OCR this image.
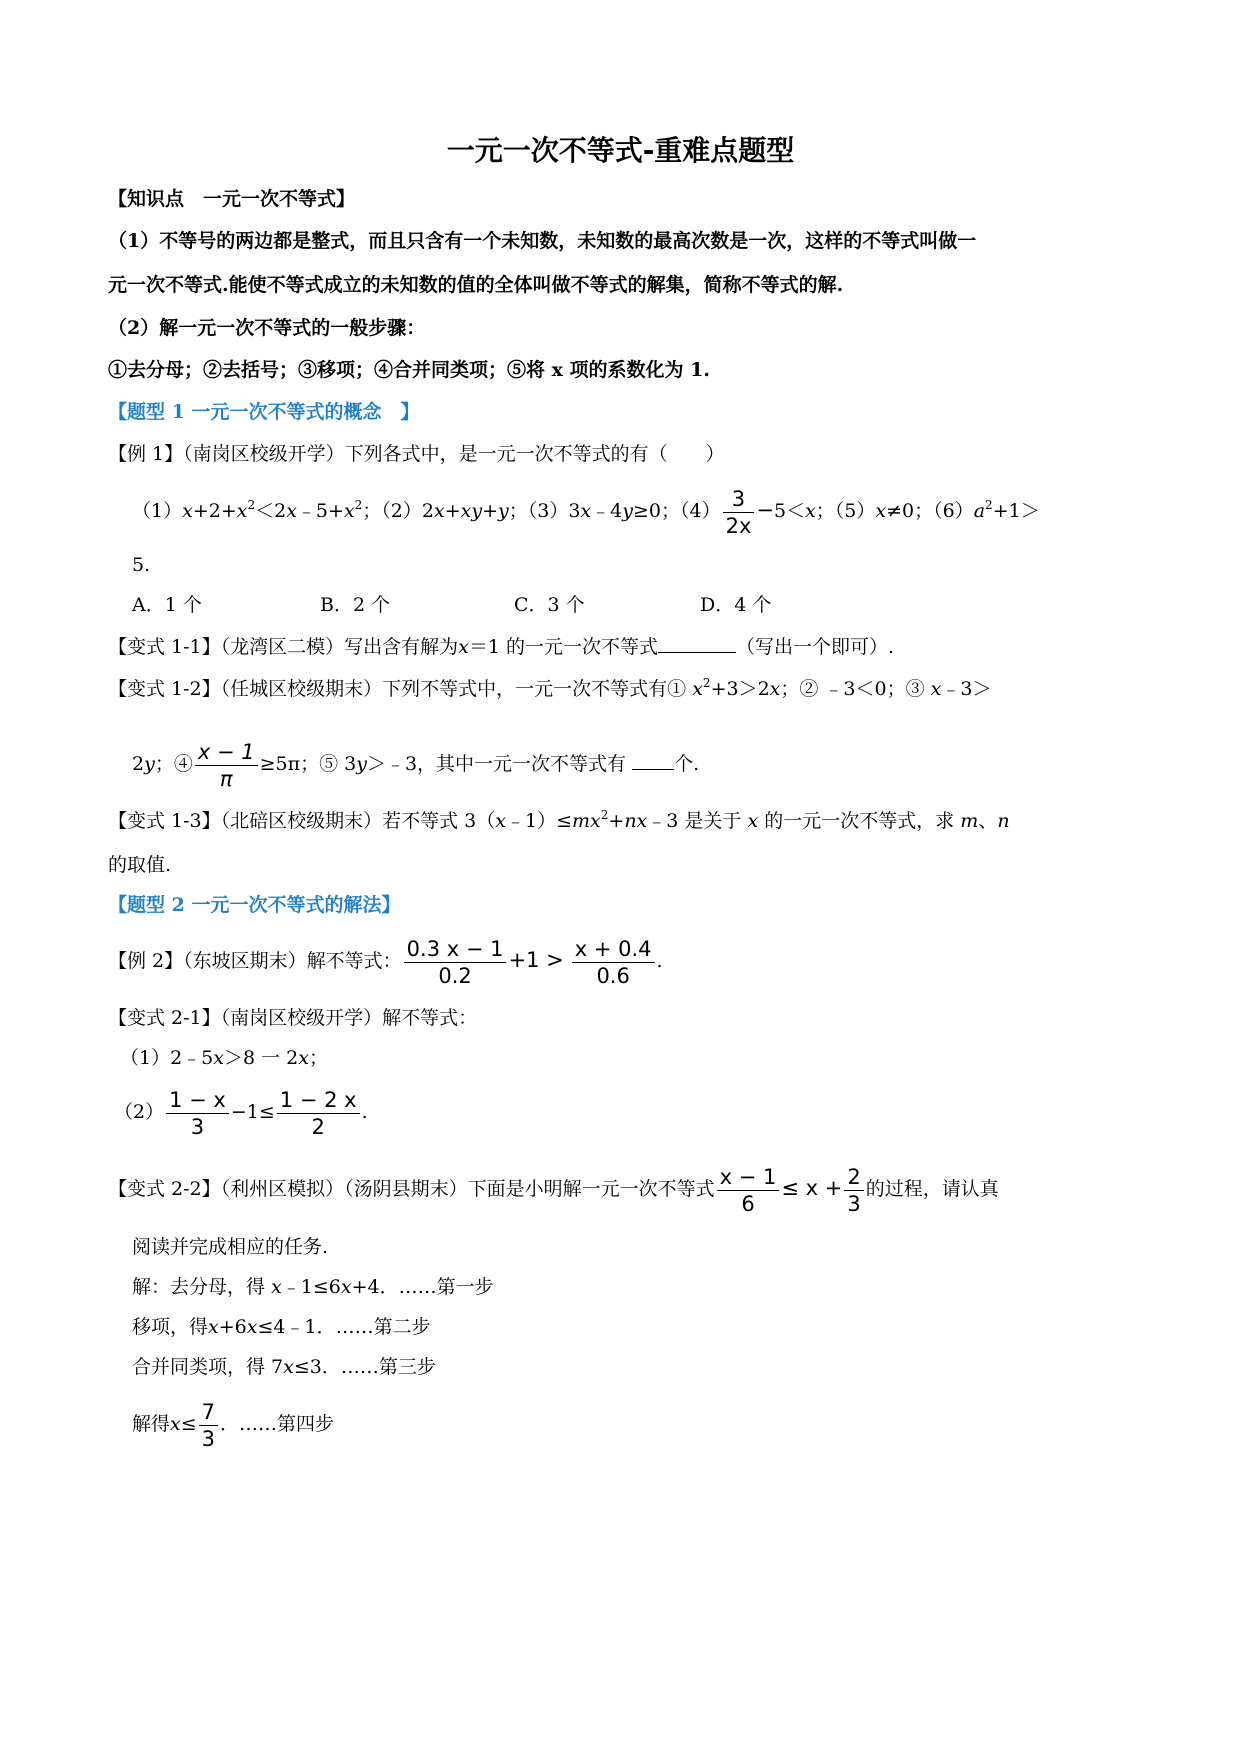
一元一次不等式-重难点题型
【知识点　一元一次不等式】
（1）不等号的两边都是整式，而且只含有一个未知数，未知数的最高次数是一次，这样的不等式叫做一
元一次不等式.能使不等式成立的未知数的值的全体叫做不等式的解集，简称不等式的解.
（2）解一元一次不等式的一般步骤：
①去分母；②去括号；③移项；④合并同类项；⑤将 x 项的系数化为 1.
【题型 1 一元一次不等式的概念　】
【例 1】（南岗区校级开学）下列各式中，是一元一次不等式的有（　　）
$(1)x+2+x^2<2x﹣5+x^2$；（2）2x+xy+y；（3）3x﹣4y≥0；$(4) \frac{3}{2x} -5<x$；（5）x≠0；$(6)a^2+1>$
5.
A．1 个	B．2 个	C．3 个	D．4 个
【变式 1-1】（龙湾区二模）写出含有解为x＝1 的一元一次不等式	（写出一个即可）.
【变式 1-2】（任城区校级期末）下列不等式中，一元一次不等式有① $x^2+3>2x$；② ﹣3＜0；③ x﹣3＞
2y；④ $\frac{x - 1}{\pi} \ge 5\pi$；⑤ 3y＞﹣3，其中一元一次不等式有	个.
【变式 1-3】（北碚区校级期末）若不等式 $3(x﹣1)\le mx^2+nx﹣3$ 是关于 x 的一元一次不等式，求 m、n
的取值.
【题型 2 一元一次不等式的解法】
【例 2】（东坡区期末）解不等式： $\frac{0.3 x - 1}{0.2} +1 > \frac{x + 0.4}{0.6}$ .
【变式 2-1】（南岗区校级开学）解不等式：
（1）2﹣5x＞8 一 2x；
$(2) \frac{1 - x}{3} -1\le \frac{1 - 2 x}{2}$ .
【变式 2-2】（利州区模拟）（汤阴县期末）下面是小明解一元一次不等式 $\frac{x - 1}{6} \le x + \frac{2}{3}$ 的过程，请认真
阅读并完成相应的任务.
解：去分母，得 x﹣1≤6x+4．……第一步
移项，得x+6x≤4﹣1．……第二步
合并同类项，得 7x≤3．……第三步
解得$x\le \frac{7}{3}$ ．……第四步
